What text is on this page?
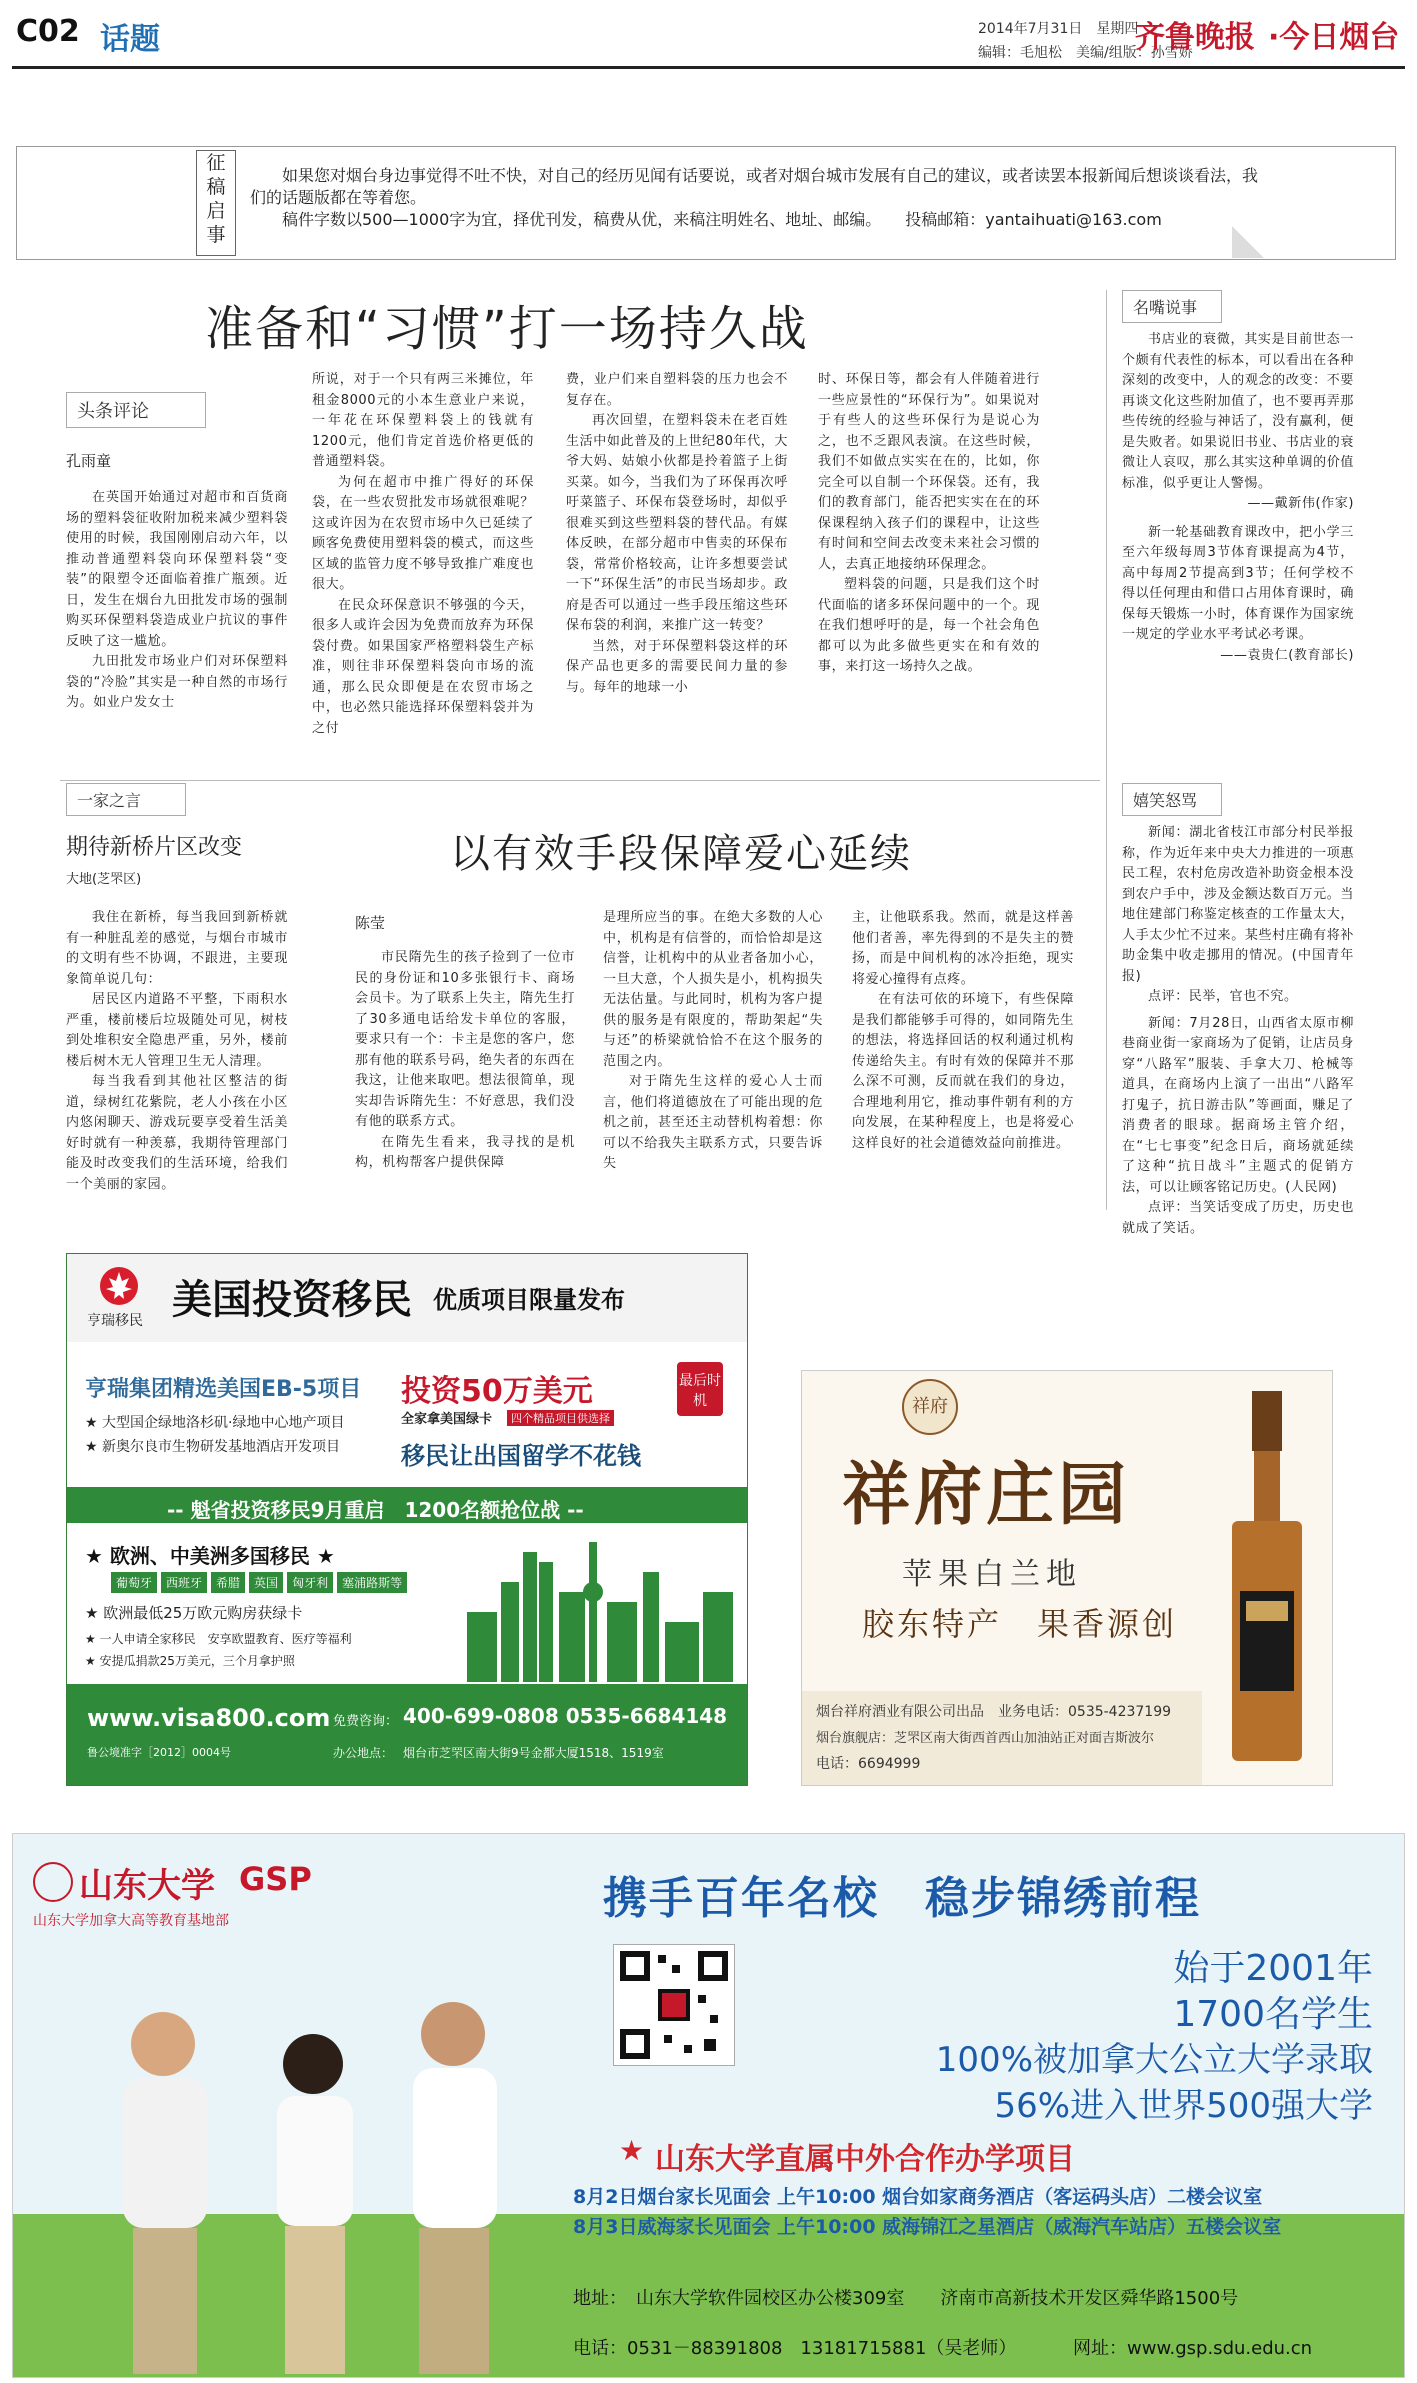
C02 话题	2014年7月31日　星期四
编辑：毛旭松　美编/组版：孙雪娇
齐鲁晚报 ·今日烟台
征
稿
启
事

如果您对烟台身边事觉得不吐不快，对自己的经历见闻有话要说，或者对烟台城市发展有自己的建议，或者读罢本报新闻后想谈谈看法，我们的话题版都在等着您。

稿件字数以500—1000字为宜，择优刊发，稿费从优，来稿注明姓名、地址、邮编。　　投稿邮箱：yantaihuati@163.com

准备和“习惯”打一场持久战
头条评论
孔雨童

在英国开始通过对超市和百货商场的塑料袋征收附加税来减少塑料袋使用的时候，我国刚刚启动六年，以推动普通塑料袋向环保塑料袋“变装”的限塑令还面临着推广瓶颈。近日，发生在烟台九田批发市场的强制购买环保塑料袋造成业户抗议的事件反映了这一尴尬。

九田批发市场业户们对环保塑料袋的“冷脸”其实是一种自然的市场行为。如业户发女士

所说，对于一个只有两三米摊位，年租金8000元的小本生意业户来说，一年花在环保塑料袋上的钱就有1200元，他们肯定首选价格更低的普通塑料袋。

为何在超市中推广得好的环保袋，在一些农贸批发市场就很难呢？这或许因为在农贸市场中久已延续了顾客免费使用塑料袋的模式，而这些区域的监管力度不够导致推广难度也很大。

在民众环保意识不够强的今天，很多人或许会因为免费而放弃为环保袋付费。如果国家严格塑料袋生产标准，则往非环保塑料袋向市场的流通，那么民众即便是在农贸市场之中，也必然只能选择环保塑料袋并为之付

费，业户们来自塑料袋的压力也会不复存在。

再次回望，在塑料袋未在老百姓生活中如此普及的上世纪80年代，大爷大妈、姑娘小伙都是拎着篮子上街买菜。如今，当我们为了环保再次呼吁菜篮子、环保布袋登场时，却似乎很难买到这些塑料袋的替代品。有媒体反映，在部分超市中售卖的环保布袋，常常价格较高，让许多想要尝试一下“环保生活”的市民当场却步。政府是否可以通过一些手段压缩这些环保布袋的利润，来推广这一转变？

当然，对于环保塑料袋这样的环保产品也更多的需要民间力量的参与。每年的地球一小

时、环保日等，都会有人伴随着进行一些应景性的“环保行为”。如果说对于有些人的这些环保行为是说心为之，也不乏跟风表演。在这些时候，我们不如做点实实在在的，比如，你完全可以自制一个环保袋。还有，我们的教育部门，能否把实实在在的环保课程纳入孩子们的课程中，让这些有时间和空间去改变未来社会习惯的人，去真正地接纳环保理念。

塑料袋的问题，只是我们这个时代面临的诸多环保问题中的一个。现在我们想呼吁的是，每一个社会角色都可以为此多做些更实在和有效的事，来打这一场持久之战。

名嘴说事

书店业的衰微，其实是目前世态一个颇有代表性的标本，可以看出在各种深刻的改变中，人的观念的改变：不要再谈文化这些附加值了，也不要再弄那些传统的经验与神话了，没有赢利，便是失败者。如果说旧书业、书店业的衰微让人哀叹，那么其实这种单调的价值标准，似乎更让人警惕。

——戴新伟(作家)

新一轮基础教育课改中，把小学三至六年级每周3节体育课提高为4节，高中每周2节提高到3节；任何学校不得以任何理由和借口占用体育课时，确保每天锻炼一小时，体育课作为国家统一规定的学业水平考试必考课。

——袁贵仁(教育部长)
嬉笑怒骂

新闻：湖北省枝江市部分村民举报称，作为近年来中央大力推进的一项惠民工程，农村危房改造补助资金根本没到农户手中，涉及金额达数百万元。当地住建部门称鉴定核查的工作量太大，人手太少忙不过来。某些村庄确有将补助金集中收走挪用的情况。(中国青年报)

点评：民举，官也不究。

新闻：7月28日，山西省太原市柳巷商业街一家商场为了促销，让店员身穿“八路军”服装、手拿大刀、枪械等道具，在商场内上演了一出出“八路军打鬼子，抗日游击队”等画面，赚足了消费者的眼球。据商场主管介绍，在“七七事变”纪念日后，商场就延续了这种“抗日战斗”主题式的促销方法，可以让顾客铭记历史。(人民网)

点评：当笑话变成了历史，历史也就成了笑话。

一家之言
期待新桥片区改变
大地(芝罘区)

我住在新桥，每当我回到新桥就有一种脏乱差的感觉，与烟台市城市的文明有些不协调，不跟进，主要现象简单说几句：

居民区内道路不平整，下雨积水严重，楼前楼后垃圾随处可见，树枝到处堆积安全隐患严重，另外，楼前楼后树木无人管理卫生无人清理。

每当我看到其他社区整洁的街道，绿树红花紫院，老人小孩在小区内悠闲聊天、游戏玩要享受着生活美好时就有一种羡慕，我期待管理部门能及时改变我们的生活环境，给我们一个美丽的家园。

以有效手段保障爱心延续
陈莹

市民隋先生的孩子捡到了一位市民的身份证和10多张银行卡、商场会员卡。为了联系上失主，隋先生打了30多通电话给发卡单位的客服，要求只有一个：卡主是您的客户，您那有他的联系号码，绝失者的东西在我这，让他来取吧。想法很简单，现实却告诉隋先生：不好意思，我们没有他的联系方式。

在隋先生看来，我寻找的是机构，机构帮客户提供保障

是理所应当的事。在绝大多数的人心中，机构是有信誉的，而恰恰却是这信誉，让机构中的从业者备加小心，一旦大意，个人损失是小，机构损失无法估量。与此同时，机构为客户提供的服务是有限度的，帮助架起“失与还”的桥梁就恰恰不在这个服务的范围之内。

对于隋先生这样的爱心人士而言，他们将道德放在了可能出现的危机之前，甚至还主动替机构着想：你可以不给我失主联系方式，只要告诉失

主，让他联系我。然而，就是这样善他们者善，率先得到的不是失主的赞扬，而是中间机构的冰冷拒绝，现实将爱心撞得有点疼。

在有法可依的环境下，有些保障是我们都能够手可得的，如同隋先生的想法，将选择回话的权利通过机构传递给失主。有时有效的保障并不那么深不可测，反而就在我们的身边，合理地利用它，推动事件朝有利的方向发展，在某种程度上，也是将爱心这样良好的社会道德效益向前推进。

亨瑞移民 美国投资移民 优质项目限量发布
亨瑞集团精选美国EB-5项目
★ 大型国企绿地洛杉矶·绿地中心地产项目
★ 新奥尔良市生物研发基地酒店开发项目
投资50万美元
全家拿美国绿卡	四个精品项目供选择
最后时机
移民让出国留学不花钱
-- 魁省投资移民9月重启　1200名额抢位战 --
★ 欧洲、中美洲多国移民 ★
葡萄牙	西班牙	希腊	英国	匈牙利	塞浦路斯等
★ 欧洲最低25万欧元购房获绿卡
★ 一人申请全家移民　安享欧盟教育、医疗等福利
★ 安提瓜捐款25万美元，三个月拿护照
www.visa800.com 免费咨询： 400-699-0808 0535-6684148
鲁公境准字［2012］0004号	办公地点： 烟台市芝罘区南大街9号金都大厦1518、1519室
祥府
祥府庄园
苹果白兰地
胶东特产　果香源创
烟台祥府酒业有限公司出品　业务电话：0535-4237199
烟台旗舰店：芝罘区南大街西首西山加油站正对面吉斯波尔
电话：6694999
山东大学 GSP
山东大学加拿大高等教育基地部	携手百年名校　稳步锦绣前程
始于2001年
1700名学生
100%被加拿大公立大学录取
56%进入世界500强大学
★ 山东大学直属中外合作办学项目
8月2日烟台家长见面会 上午10:00 烟台如家商务酒店（客运码头店）二楼会议室
8月3日威海家长见面会 上午10:00 威海锦江之星酒店（威海汽车站店）五楼会议室
地址：　山东大学软件园校区办公楼309室　　济南市高新技术开发区舜华路1500号
电话：0531－88391808　13181715881（吴老师）	网址：www.gsp.sdu.edu.cn
